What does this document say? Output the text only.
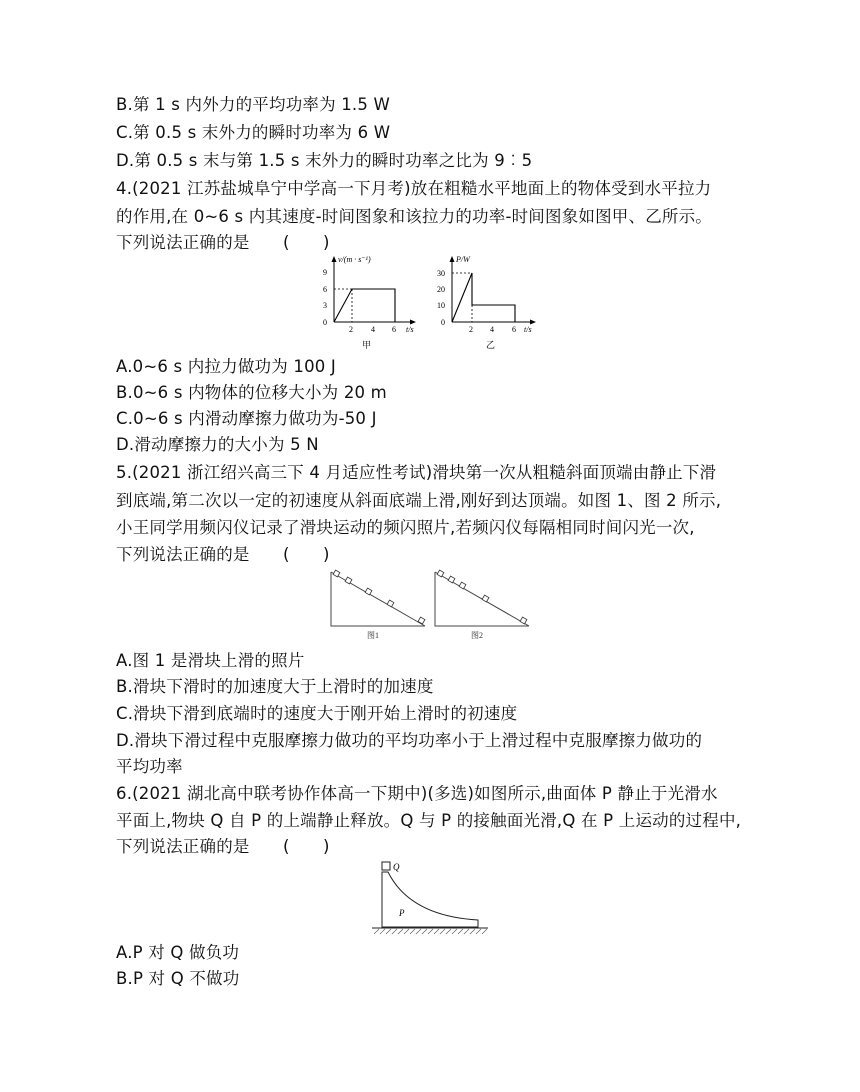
B.第 1 s 内外力的平均功率为 1.5 W
C.第 0.5 s 末外力的瞬时功率为 6 W
D.第 0.5 s 末与第 1.5 s 末外力的瞬时功率之比为 9︰5
4.(2021 江苏盐城阜宁中学高一下月考)放在粗糙水平地面上的物体受到水平拉力
的作用,在 0~6 s 内其速度-时间图象和该拉力的功率-时间图象如图甲、乙所示。
下列说法正确的是　　(　　)
v/(m · s⁻¹)
t/s
9
6
3
0
2 4 6
甲
P/W
t/s
30
20
10
0
2 4 6
乙
A.0~6 s 内拉力做功为 100 J
B.0~6 s 内物体的位移大小为 20 m
C.0~6 s 内滑动摩擦力做功为-50 J
D.滑动摩擦力的大小为 5 N
5.(2021 浙江绍兴高三下 4 月适应性考试)滑块第一次从粗糙斜面顶端由静止下滑
到底端,第二次以一定的初速度从斜面底端上滑,刚好到达顶端。如图 1、图 2 所示,
小王同学用频闪仪记录了滑块运动的频闪照片,若频闪仪每隔相同时间闪光一次,
下列说法正确的是　　(　　)
图1	图2
A.图 1 是滑块上滑的照片
B.滑块下滑时的加速度大于上滑时的加速度
C.滑块下滑到底端时的速度大于刚开始上滑时的初速度
D.滑块下滑过程中克服摩擦力做功的平均功率小于上滑过程中克服摩擦力做功的
平均功率
6.(2021 湖北高中联考协作体高一下期中)(多选)如图所示,曲面体 P 静止于光滑水
平面上,物块 Q 自 P 的上端静止释放。Q 与 P 的接触面光滑,Q 在 P 上运动的过程中,
下列说法正确的是　　(　　)
Q
P
A.P 对 Q 做负功
B.P 对 Q 不做功
